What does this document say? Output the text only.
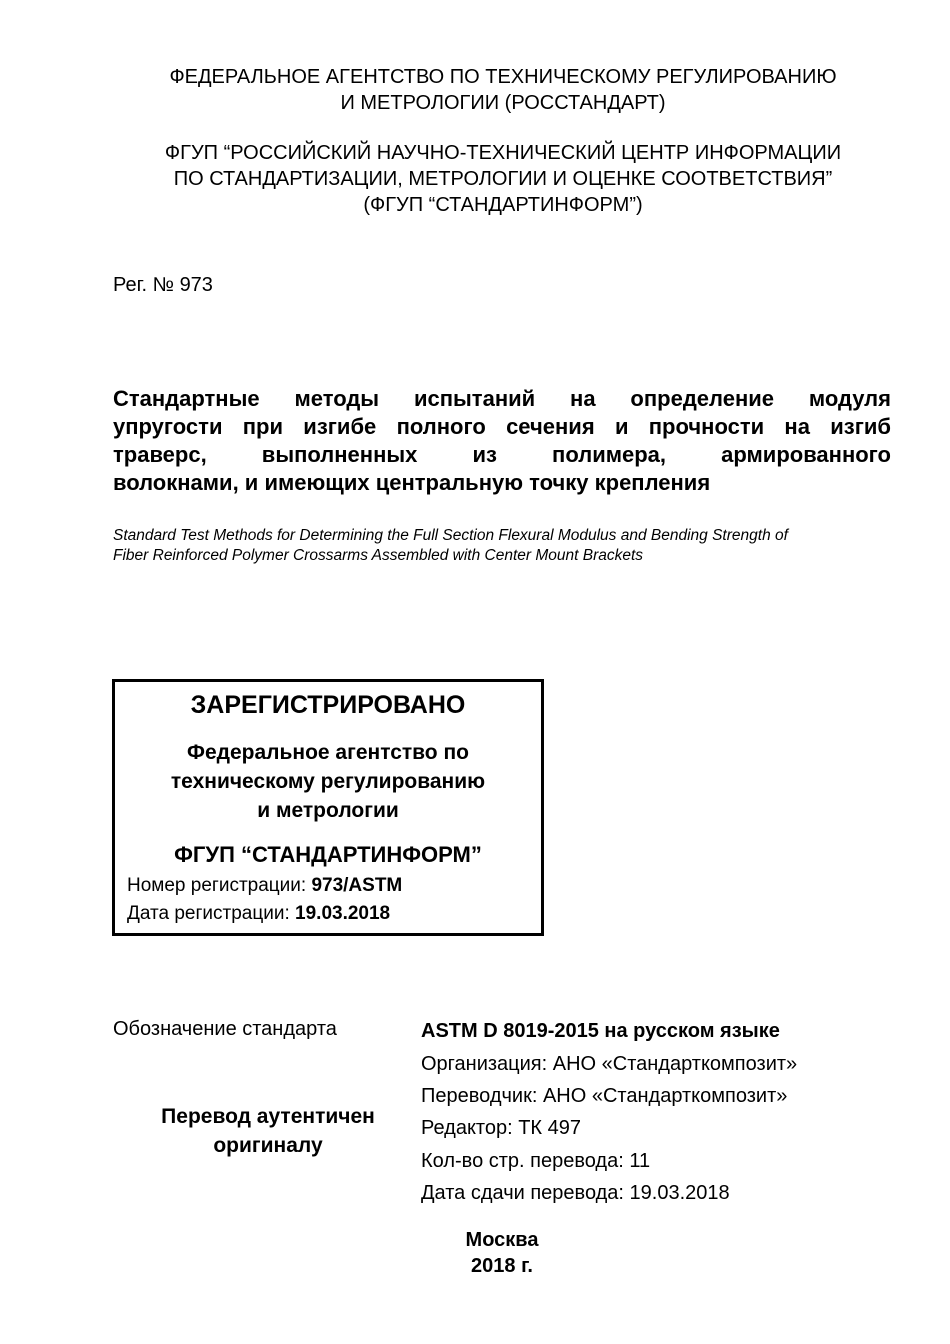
ФЕДЕРАЛЬНОЕ АГЕНТСТВО ПО ТЕХНИЧЕСКОМУ РЕГУЛИРОВАНИЮ
И МЕТРОЛОГИИ (РОССТАНДАРТ)
ФГУП “РОССИЙСКИЙ НАУЧНО-ТЕХНИЧЕСКИЙ ЦЕНТР ИНФОРМАЦИИ
ПО СТАНДАРТИЗАЦИИ, МЕТРОЛОГИИ И ОЦЕНКЕ СООТВЕТСТВИЯ”
(ФГУП “СТАНДАРТИНФОРМ”)
Рег. № 973
Стандартные методы испытаний на определение модуля
упругости при изгибе полного сечения и прочности на изгиб
траверс, выполненных из полимера, армированного
волокнами, и имеющих центральную точку крепления
Standard Test Methods for Determining the Full Section Flexural Modulus and Bending Strength of
Fiber Reinforced Polymer Crossarms Assembled with Center Mount Brackets
ЗАРЕГИСТРИРОВАНО
Федеральное агентство по
техническому регулированию
и метрологии
ФГУП “СТАНДАРТИНФОРМ”
Номер регистрации: 973/ASTM
Дата регистрации: 19.03.2018
Обозначение стандарта
Перевод аутентичен
оригиналу
ASTM D 8019-2015 на русском языке
Организация: АНО «Стандарткомпозит»
Переводчик: АНО «Стандарткомпозит»
Редактор: ТК 497
Кол-во стр. перевода: 11
Дата сдачи перевода: 19.03.2018
Москва
2018 г.
